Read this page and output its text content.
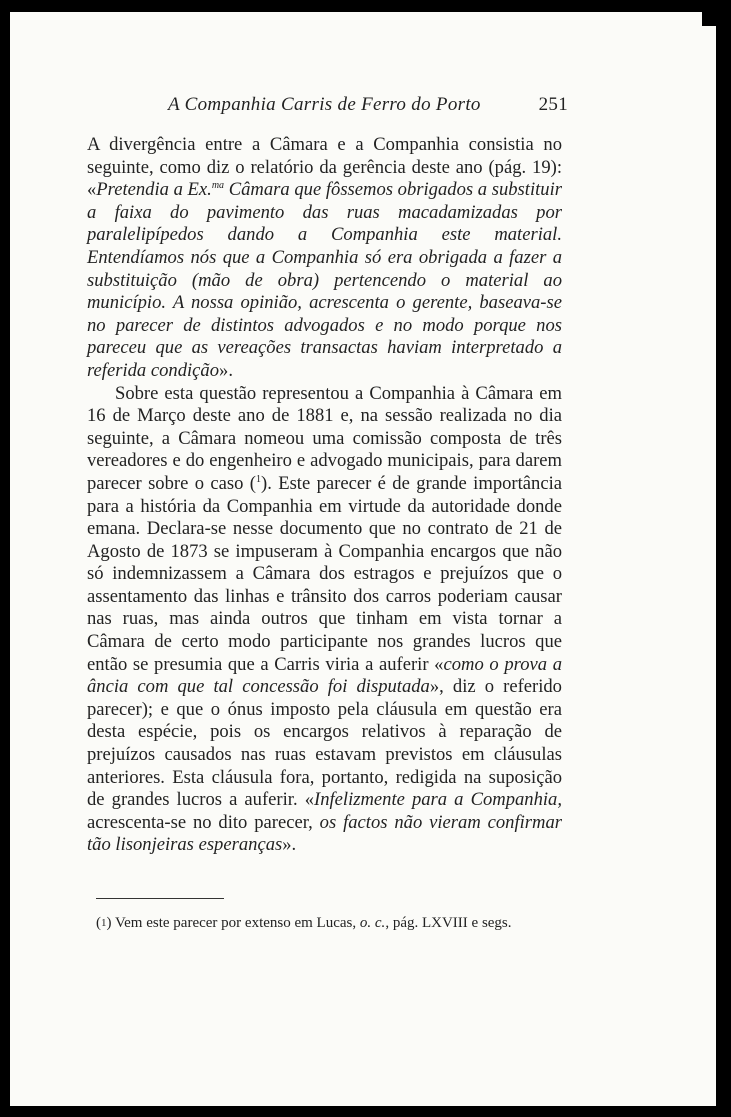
A Companhia Carris de Ferro do Porto	251

A divergência entre a Câmara e a Companhia consistia no seguinte, como diz o relatório da gerência deste ano (pág. 19): «Pretendia a Ex.$^{ma}$ Câmara que fôssemos obrigados a substituir a faixa do pavimento das ruas macadamizadas por paralelipípedos dando a Companhia este material. Entendíamos nós que a Companhia só era obrigada a fazer a substituição (mão de obra) pertencendo o material ao município. A nossa opinião, acrescenta o gerente, baseava-se no parecer de distintos advogados e no modo porque nos pareceu que as vereações transactas haviam interpretado a referida condição».

Sobre esta questão representou a Companhia à Câmara em 16 de Março deste ano de 1881 e, na sessão realizada no dia seguinte, a Câmara nomeou uma comissão composta de três vereadores e do engenheiro e advogado municipais, para darem parecer sobre o caso ($^1$). Este parecer é de grande importância para a história da Companhia em virtude da autoridade donde emana. Declara-se nesse documento que no contrato de 21 de Agosto de 1873 se impuseram à Companhia encargos que não só indemnizassem a Câmara dos estragos e prejuízos que o assentamento das linhas e trânsito dos carros poderiam causar nas ruas, mas ainda outros que tinham em vista tornar a Câmara de certo modo participante nos grandes lucros que então se presumia que a Carris viria a auferir «como o prova a ância com que tal concessão foi disputada», diz o referido parecer); e que o ónus imposto pela cláusula em questão era desta espécie, pois os encargos relativos à reparação de prejuízos causados nas ruas estavam previstos em cláusulas anteriores. Esta cláusula fora, portanto, redigida na suposição de grandes lucros a auferir. «Infelizmente para a Companhia, acrescenta-se no dito parecer, os factos não vieram confirmar tão lisonjeiras esperanças».

($^1$) Vem este parecer por extenso em Lucas, o. c., pág. LXVIII e segs.
